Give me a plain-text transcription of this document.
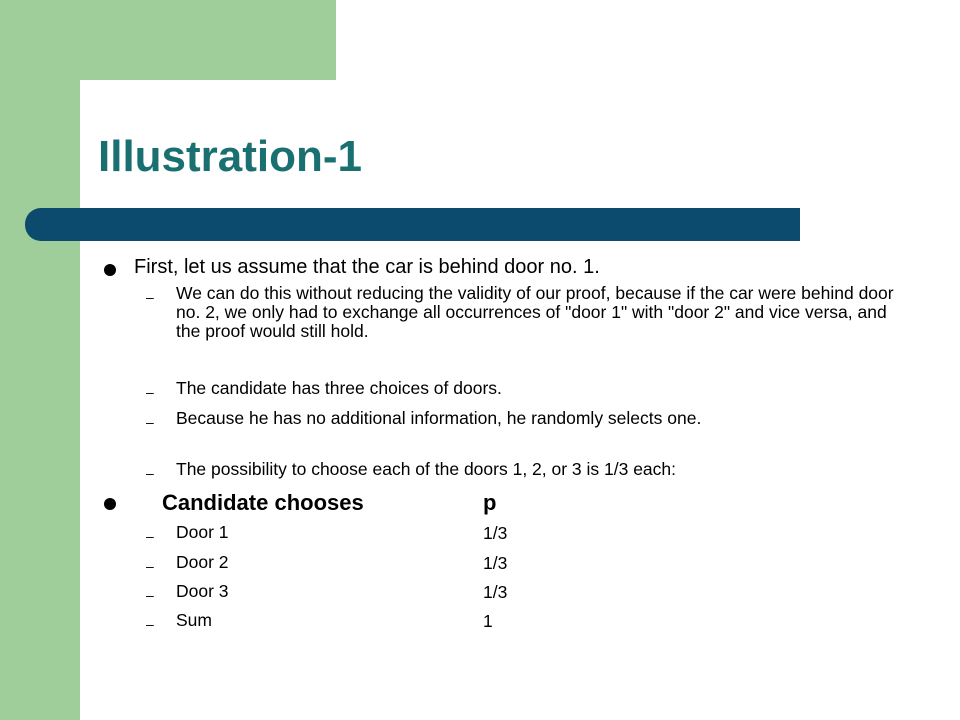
Illustration-1
First, let us assume that the car is behind door no. 1.
– We can do this without reducing the validity of our proof, because if the car were behind door no. 2, we only had to exchange all occurrences of "door 1" with "door 2" and vice versa, and the proof would still hold.
– The candidate has three choices of doors.
– Because he has no additional information, he randomly selects one.
– The possibility to choose each of the doors 1, 2, or 3 is 1/3 each:
Candidate chooses	p
– Door 1	1/3
– Door 2	1/3
– Door 3	1/3
– Sum	1
